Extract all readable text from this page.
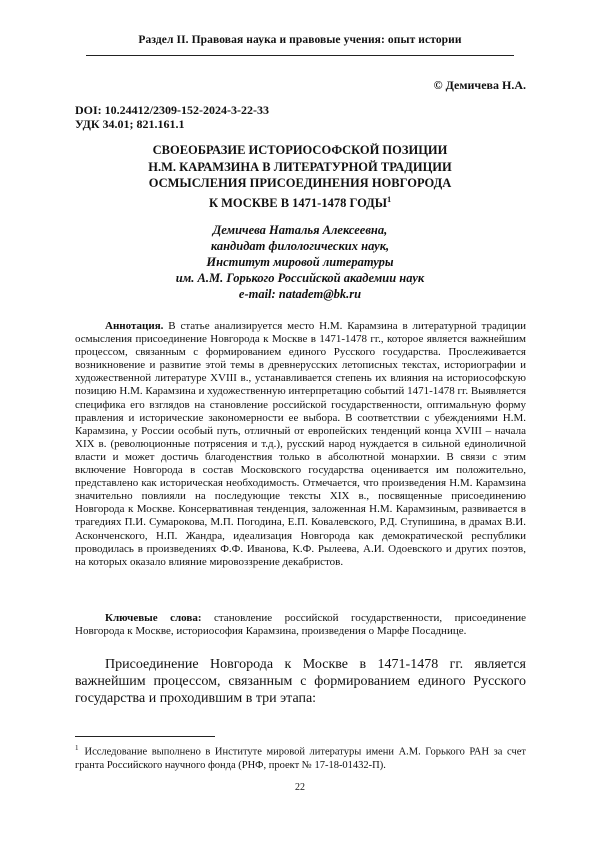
Раздел II. Правовая наука и правовые учения: опыт истории
© Демичева Н.А.
DOI: 10.24412/2309-152-2024-3-22-33
УДК 34.01; 821.161.1
СВОЕОБРАЗИЕ ИСТОРИОСОФСКОЙ ПОЗИЦИИ
Н.М. КАРАМЗИНА В ЛИТЕРАТУРНОЙ ТРАДИЦИИ
ОСМЫСЛЕНИЯ ПРИСОЕДИНЕНИЯ НОВГОРОДА
К МОСКВЕ В 1471-1478 ГОДЫ$^1$
Демичева Наталья Алексеевна,
кандидат филологических наук,
Институт мировой литературы
им. А.М. Горького Российской академии наук
e-mail: natadem@bk.ru

Аннотация. В статье анализируется место Н.М. Карамзина в литературной традиции осмысления присоединение Новгорода к Москве в 1471-1478 гг., которое является важнейшим процессом, связанным с формированием единого Русского государства. Прослеживается возникновение и развитие этой темы в древнерусских летописных текстах, историографии и художественной литературе XVIII в., устанавливается степень их влияния на историософскую позицию Н.М. Карамзина и художественную интерпретацию событий 1471-1478 гг. Выявляется специфика его взглядов на становление российской государственности, оптимальную форму правления и исторические закономерности ее выбора. В соответствии с убеждениями Н.М. Карамзина, у России особый путь, отличный от европейских тенденций конца XVIII – начала XIX в. (революционные потрясения и т.д.), русский народ нуждается в сильной единоличной власти и может достичь благоденствия только в абсолютной монархии. В связи с этим включение Новгорода в состав Московского государства оценивается им положительно, представлено как историческая необходимость. Отмечается, что произведения Н.М. Карамзина значительно повлияли на последующие тексты XIX в., посвященные присоединению Новгорода к Москве. Консервативная тенденция, заложенная Н.М. Карамзиным, развивается в трагедиях П.И. Сумарокова, М.П. Погодина, Е.П. Ковалевского, Р.Д. Ступишина, в драмах В.И. Асконченского, Н.П. Жандра, идеализация Новгорода как демократической республики проводилась в произведениях Ф.Ф. Иванова, К.Ф. Рылеева, А.И. Одоевского и других поэтов, на которых оказало влияние мировоззрение декабристов.

Ключевые слова: становление российской государственности, присоединение Новгорода к Москве, историософия Карамзина, произведения о Марфе Посаднице.

Присоединение Новгорода к Москве в 1471-1478 гг. является важнейшим процессом, связанным с формированием единого Русского государства и проходившим в три этапа:

$^1$ Исследование выполнено в Институте мировой литературы имени А.М. Горького РАН за счет гранта Российского научного фонда (РНФ, проект № 17-18-01432-П).

22
